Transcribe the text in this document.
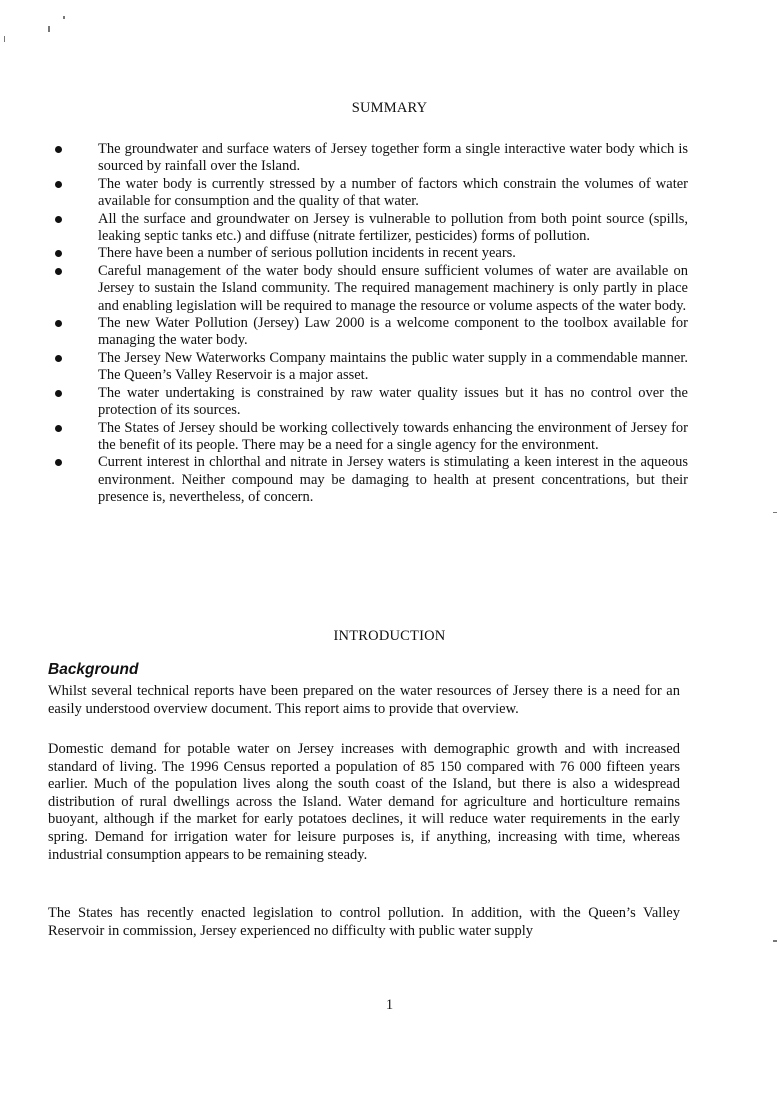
SUMMARY
The groundwater and surface waters of Jersey together form a single interactive water body which is sourced by rainfall over the Island.
The water body is currently stressed by a number of factors which constrain the volumes of water available for consumption and the quality of that water.
All the surface and groundwater on Jersey is vulnerable to pollution from both point source (spills, leaking septic tanks etc.) and diffuse (nitrate fertilizer, pesticides) forms of pollution.
There have been a number of serious pollution incidents in recent years.
Careful management of the water body should ensure sufficient volumes of water are available on Jersey to sustain the Island community. The required management machinery is only partly in place and enabling legislation will be required to manage the resource or volume aspects of the water body.
The new Water Pollution (Jersey) Law 2000 is a welcome component to the toolbox available for managing the water body.
The Jersey New Waterworks Company maintains the public water supply in a commendable manner. The Queen’s Valley Reservoir is a major asset.
The water undertaking is constrained by raw water quality issues but it has no control over the protection of its sources.
The States of Jersey should be working collectively towards enhancing the environment of Jersey for the benefit of its people. There may be a need for a single agency for the environment.
Current interest in chlorthal and nitrate in Jersey waters is stimulating a keen interest in the aqueous environment. Neither compound may be damaging to health at present concentrations, but their presence is, nevertheless, of concern.
INTRODUCTION
Background

Whilst several technical reports have been prepared on the water resources of Jersey there is a need for an easily understood overview document. This report aims to provide that overview.

Domestic demand for potable water on Jersey increases with demographic growth and with increased standard of living. The 1996 Census reported a population of 85 150 compared with 76 000 fifteen years earlier. Much of the population lives along the south coast of the Island, but there is also a widespread distribution of rural dwellings across the Island. Water demand for agriculture and horticulture remains buoyant, although if the market for early potatoes declines, it will reduce water requirements in the early spring. Demand for irrigation water for leisure purposes is, if anything, increasing with time, whereas industrial consumption appears to be remaining steady.

The States has recently enacted legislation to control pollution. In addition, with the Queen’s Valley Reservoir in commission, Jersey experienced no difficulty with public water supply

1
